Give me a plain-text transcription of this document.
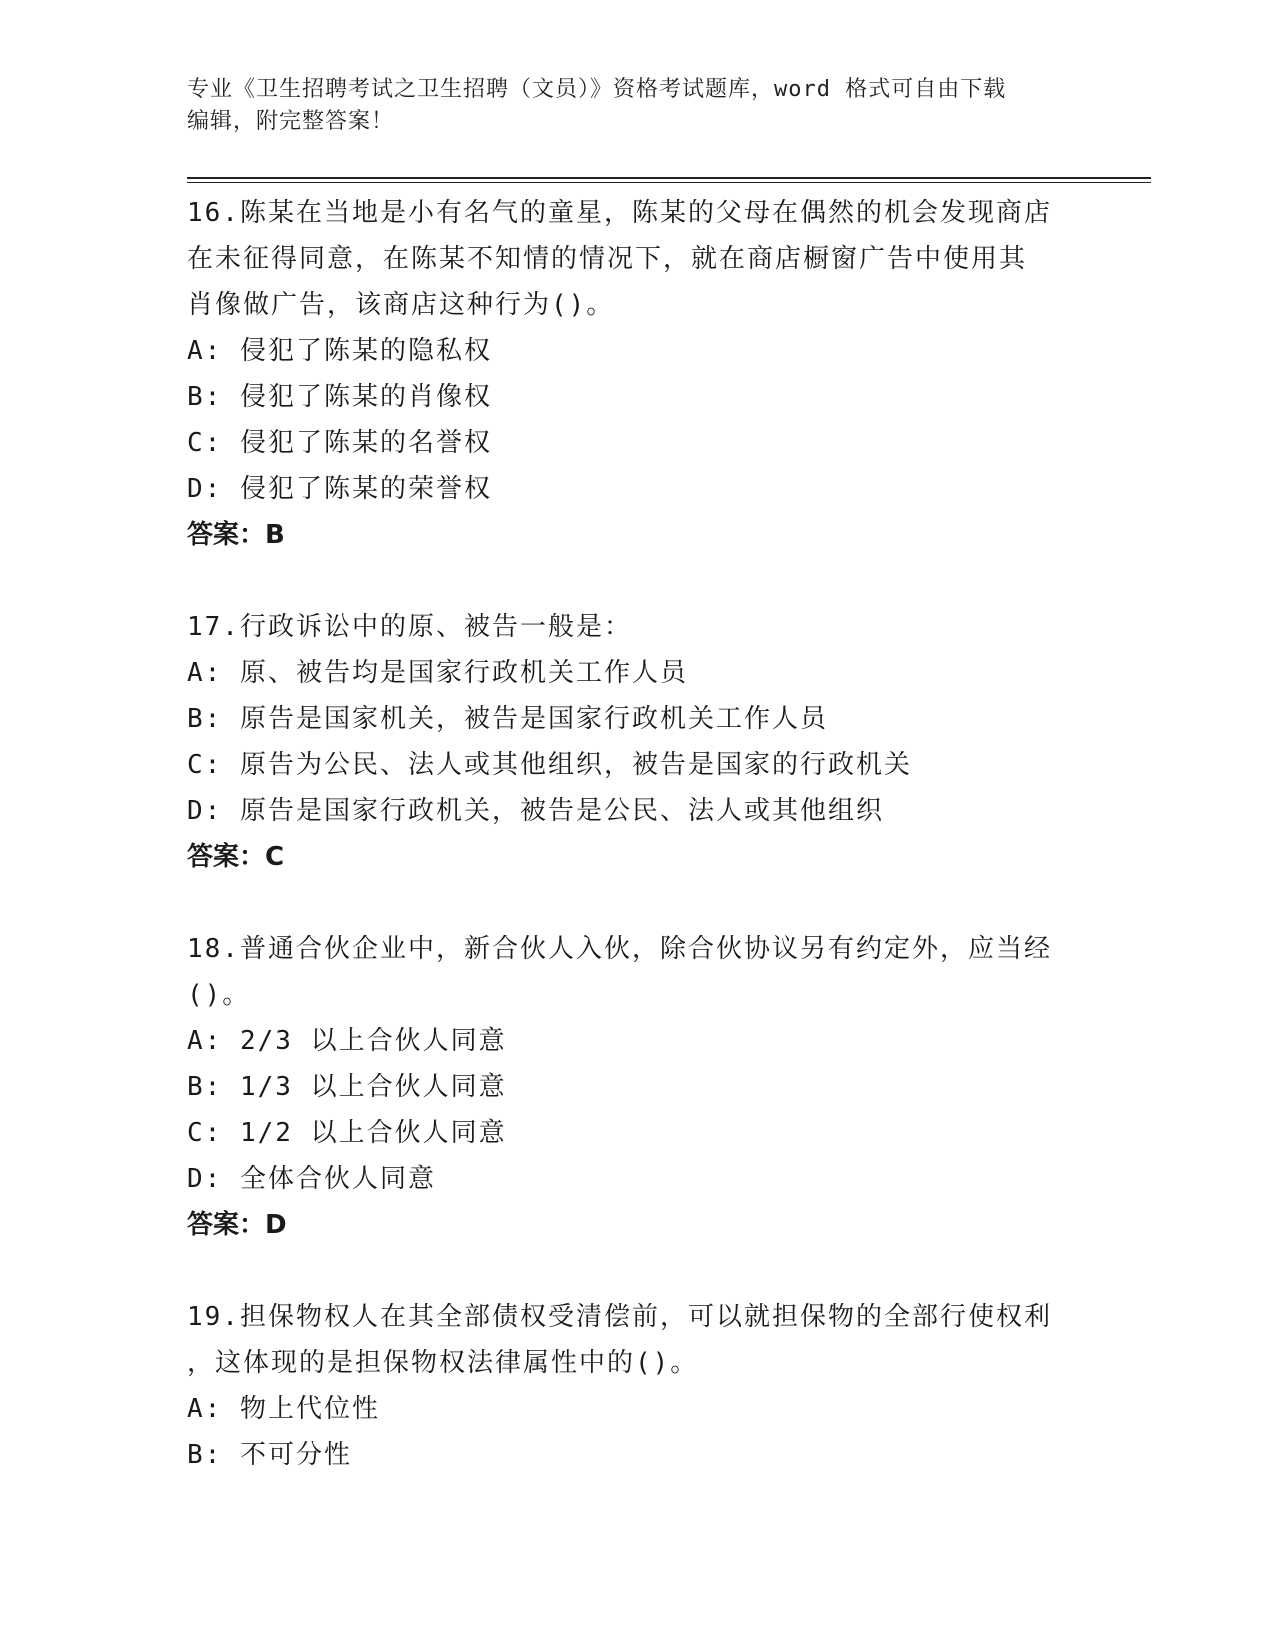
专业《卫生招聘考试之卫生招聘（文员）》资格考试题库，word 格式可自由下载
编辑，附完整答案！

16.陈某在当地是小有名气的童星，陈某的父母在偶然的机会发现商店

在未征得同意，在陈某不知情的情况下，就在商店橱窗广告中使用其

肖像做广告，该商店这种行为()。

A: 侵犯了陈某的隐私权

B: 侵犯了陈某的肖像权

C: 侵犯了陈某的名誉权

D: 侵犯了陈某的荣誉权

答案：B

17.行政诉讼中的原、被告一般是：

A: 原、被告均是国家行政机关工作人员

B: 原告是国家机关，被告是国家行政机关工作人员

C: 原告为公民、法人或其他组织，被告是国家的行政机关

D: 原告是国家行政机关，被告是公民、法人或其他组织

答案：C

18.普通合伙企业中，新合伙人入伙，除合伙协议另有约定外，应当经

()。

A: 2/3 以上合伙人同意

B: 1/3 以上合伙人同意

C: 1/2 以上合伙人同意

D: 全体合伙人同意

答案：D

19.担保物权人在其全部债权受清偿前，可以就担保物的全部行使权利

，这体现的是担保物权法律属性中的()。

A: 物上代位性

B: 不可分性
